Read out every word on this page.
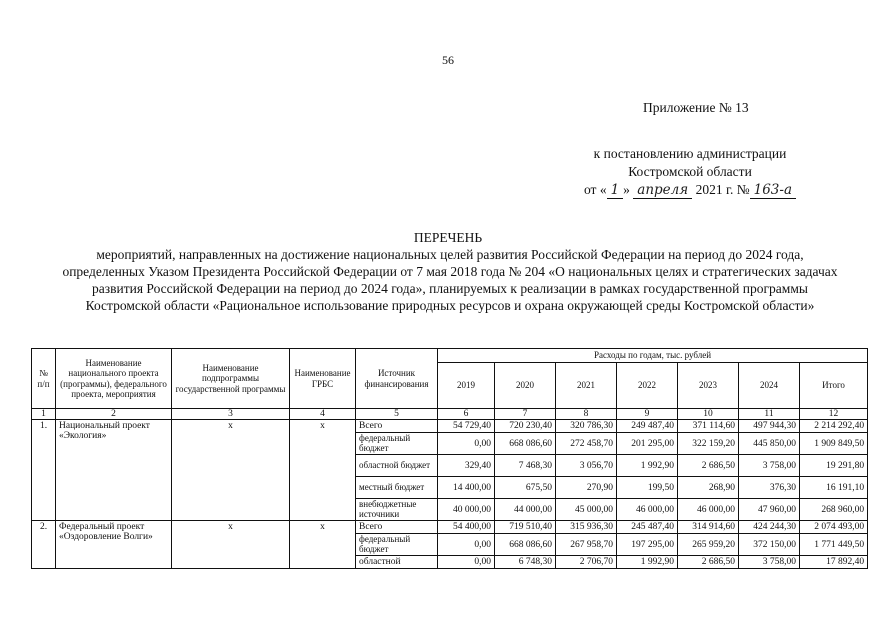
56
Приложение № 13
к постановлению администрации
Костромской области
от « 1 » апреля 2021 г. № 163-а
ПЕРЕЧЕНЬ
мероприятий, направленных на достижение национальных целей развития Российской Федерации на период до 2024 года, определенных Указом Президента Российской Федерации от 7 мая 2018 года № 204 «О национальных целях и стратегических задачах развития Российской Федерации на период до 2024 года», планируемых к реализации в рамках государственной программы Костромской области «Рациональное использование природных ресурсов и охрана окружающей среды Костромской области»
№ п/п	Наименование национального проекта (программы), федерального проекта, мероприятия	Наименование подпрограммы государственной программы	Наименование ГРБС	Источник финансирования	Расходы по годам, тыс. рублей						
					2019	2020	2021	2022	2023	2024	Итого
1	2	3	4	5	6	7	8	9	10	11	12
1.	Национальный проект «Экология»	х	х	Всего	54 729,40	720 230,40	320 786,30	249 487,40	371 114,60	497 944,30	2 214 292,40
				федеральный бюджет	0,00	668 086,60	272 458,70	201 295,00	322 159,20	445 850,00	1 909 849,50
				областной бюджет	329,40	7 468,30	3 056,70	1 992,90	2 686,50	3 758,00	19 291,80
				местный бюджет	14 400,00	675,50	270,90	199,50	268,90	376,30	16 191,10
				внебюджетные источники	40 000,00	44 000,00	45 000,00	46 000,00	46 000,00	47 960,00	268 960,00
2.	Федеральный проект «Оздоровление Волги»	х	х	Всего	54 400,00	719 510,40	315 936,30	245 487,40	314 914,60	424 244,30	2 074 493,00
				федеральный бюджет	0,00	668 086,60	267 958,70	197 295,00	265 959,20	372 150,00	1 771 449,50
				областной	0,00	6 748,30	2 706,70	1 992,90	2 686,50	3 758,00	17 892,40
